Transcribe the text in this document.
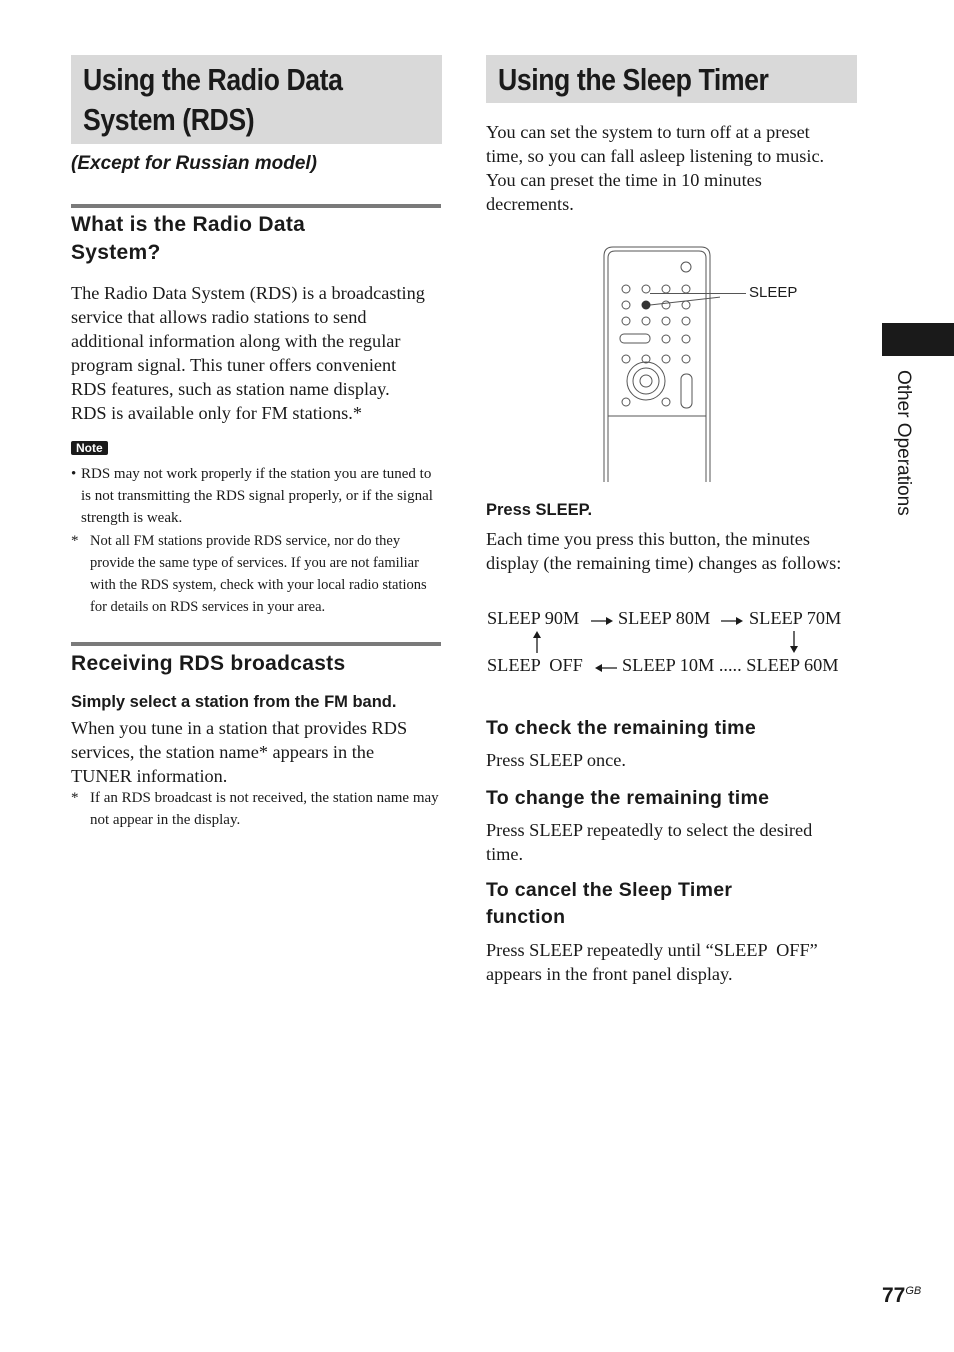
Using the Radio Data
System (RDS)
(Except for Russian model)
What is the Radio Data
System?
The Radio Data System (RDS) is a broadcasting
service that allows radio stations to send
additional information along with the regular
program signal. This tuner offers convenient
RDS features, such as station name display.
RDS is available only for FM stations.*
Note
• RDS may not work properly if the station you are tuned to is not transmitting the RDS signal properly, or if the signal strength is weak.
* Not all FM stations provide RDS service, nor do they provide the same type of services. If you are not familiar with the RDS system, check with your local radio stations for details on RDS services in your area.
Receiving RDS broadcasts
Simply select a station from the FM band.
When you tune in a station that provides RDS
services, the station name* appears in the
TUNER information.
* If an RDS broadcast is not received, the station name may not appear in the display.
Using the Sleep Timer
You can set the system to turn off at a preset
time, so you can fall asleep listening to music.
You can preset the time in 10 minutes
decrements.
SLEEP
Press SLEEP.
Each time you press this button, the minutes
display (the remaining time) changes as follows:
SLEEP 90M SLEEP 80M SLEEP 70M
SLEEP  OFF SLEEP 10M ..... SLEEP 60M
To check the remaining time
Press SLEEP once.
To change the remaining time
Press SLEEP repeatedly to select the desired
time.
To cancel the Sleep Timer
function
Press SLEEP repeatedly until “SLEEP  OFF”
appears in the front panel display.
Other Operations
$77^{GB}$
